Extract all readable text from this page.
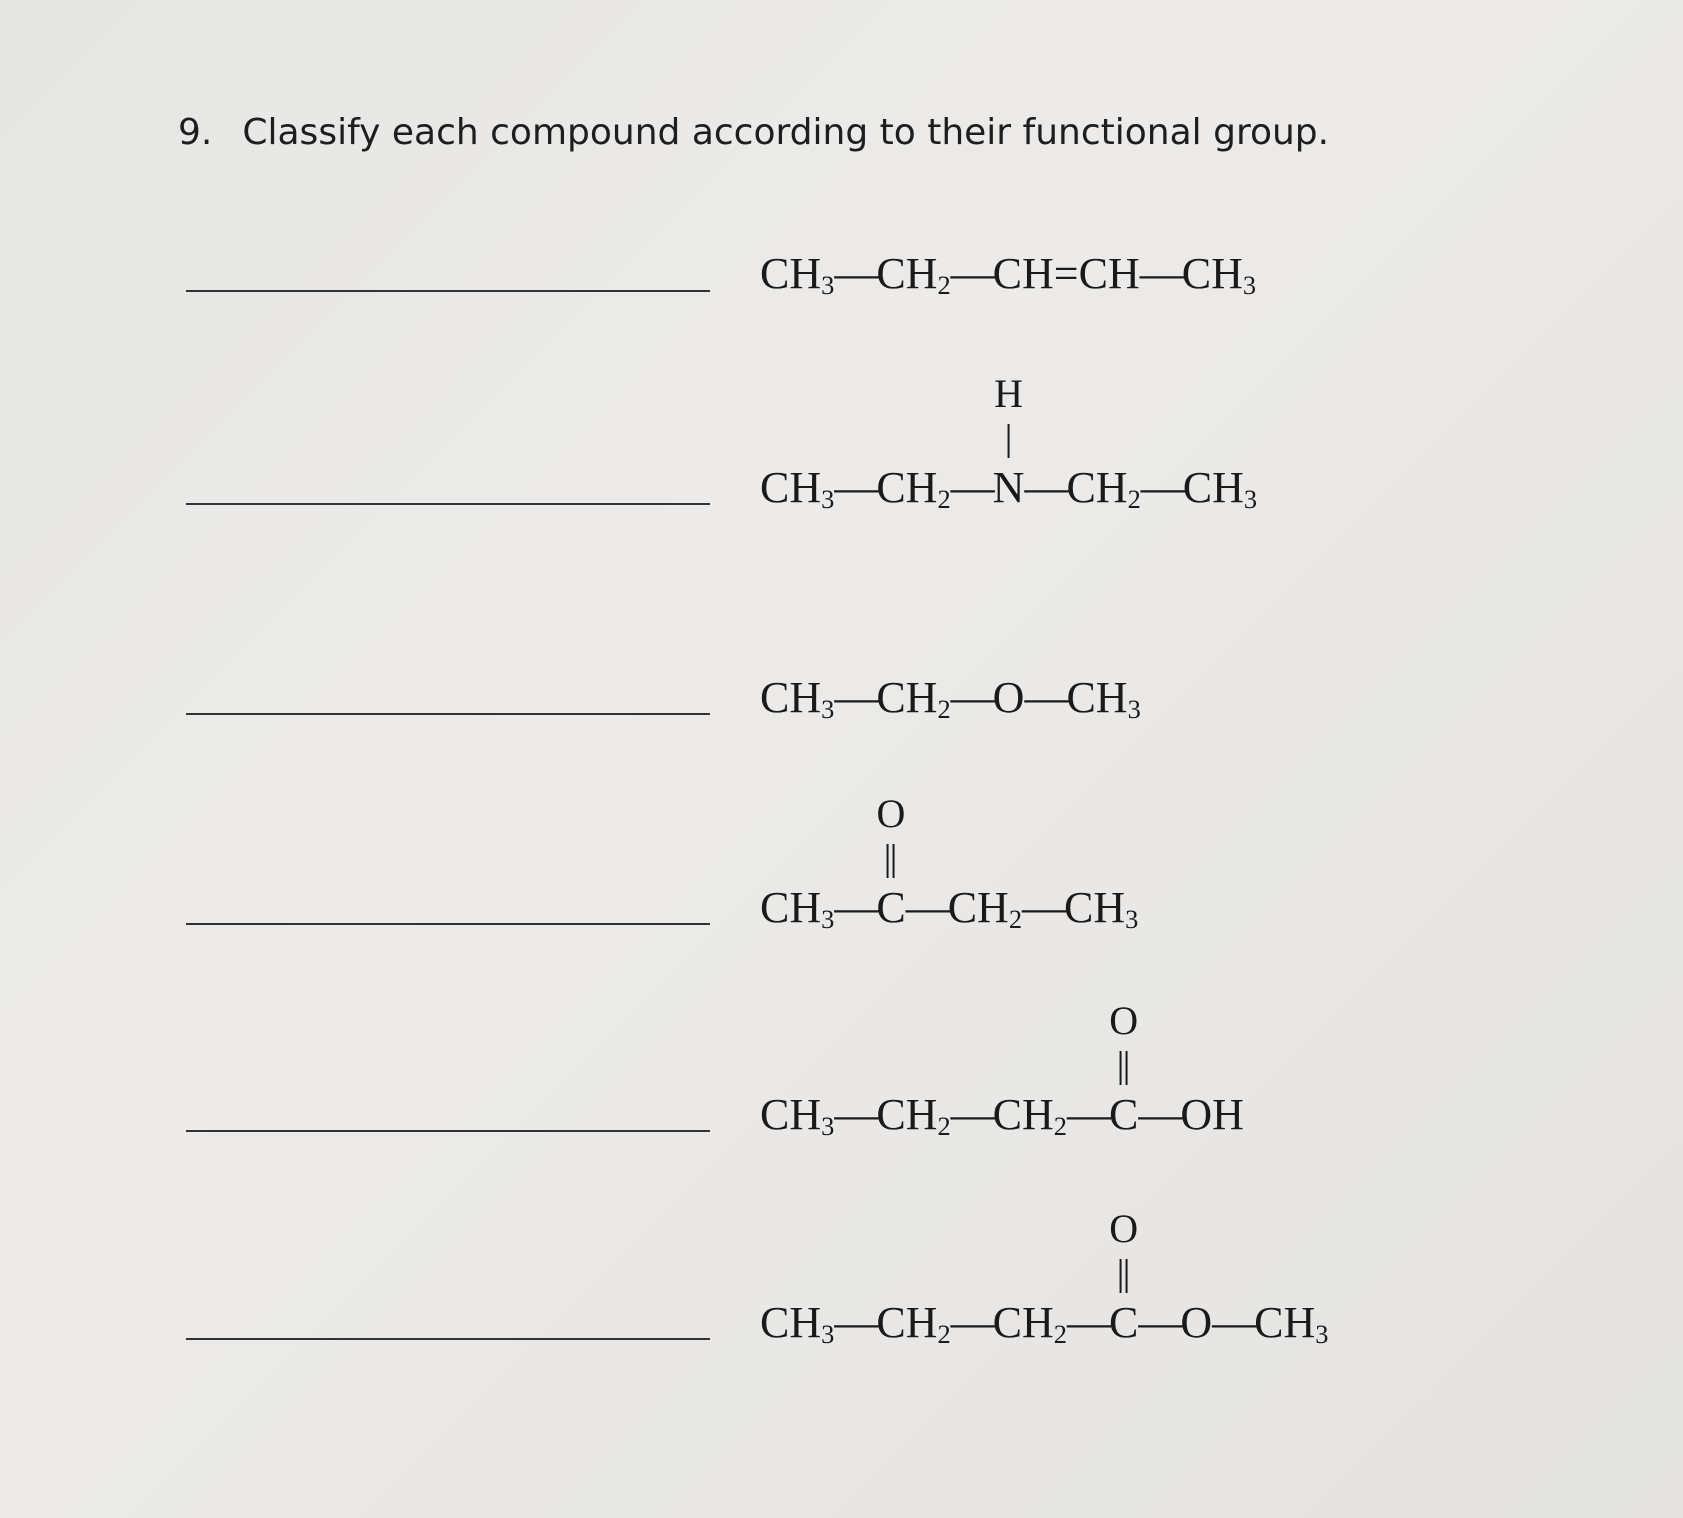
9. Classify each compound according to their functional group.
$CH_3—CH_2—CH=CH—CH_3$
$CH_3—CH_2—N$
H
$—CH_2—CH_3$
$CH_3—CH_2—O—CH_3$
$CH_3—C$
O
$—CH_2—CH_3$
$CH_3—CH_2—CH_2—C$
O
—OH
$CH_3—CH_2—CH_2—C$
O
$—O—CH_3$
